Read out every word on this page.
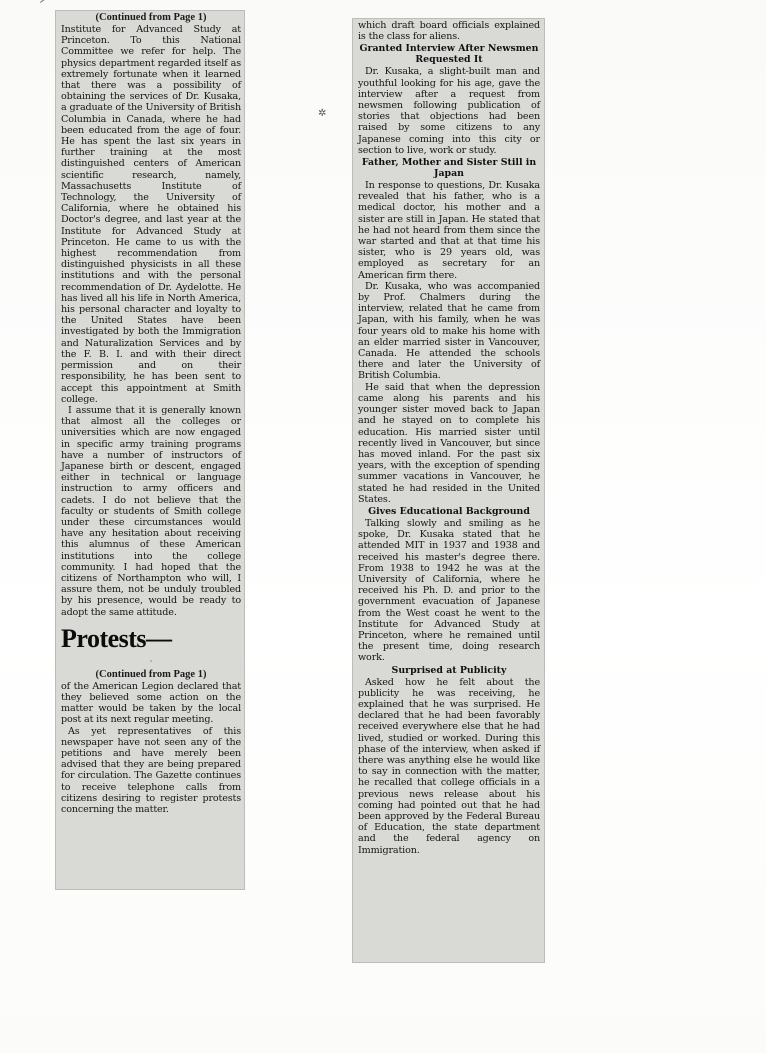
✲

(Continued from Page 1)

Institute for Advanced Study at Princeton. To this National Committee we refer for help. The physics department regarded itself as extremely fortunate when it learned that there was a possibility of obtaining the services of Dr. Kusaka, a graduate of the University of British Columbia in Canada, where he had been educated from the age of four. He has spent the last six years in further training at the most distinguished centers of American scientific research, namely, Massachusetts Institute of Technology, the University of California, where he obtained his Doctor's degree, and last year at the Institute for Advanced Study at Princeton. He came to us with the highest recommendation from distinguished physicists in all these institutions and with the personal recommendation of Dr. Aydelotte. He has lived all his life in North America, his personal character and loyalty to the United States have been investigated by both the Immigration and Naturalization Services and by the F. B. I. and with their direct permission and on their responsibility, he has been sent to accept this appointment at Smith college.

I assume that it is generally known that almost all the colleges or universities which are now engaged in specific army training programs have a number of instructors of Japanese birth or descent, engaged either in technical or language instruction to army officers and cadets. I do not believe that the faculty or students of Smith college under these circumstances would have any hesitation about receiving this alumnus of these American institutions into the college community. I had hoped that the citizens of Northampton who will, I assure them, not be unduly troubled by his presence, would be ready to adopt the same attitude.

Protests—
·

(Continued from Page 1)

of the American Legion declared that they believed some action on the matter would be taken by the local post at its next regular meeting.

As yet representatives of this newspaper have not seen any of the petitions and have merely been advised that they are being prepared for circulation. The Gazette continues to receive telephone calls from citizens desiring to register protests concerning the matter.

which draft board officials explained is the class for aliens.

Granted Interview After Newsmen Requested It

Dr. Kusaka, a slight-built man and youthful looking for his age, gave the interview after a request from newsmen following publication of stories that objections had been raised by some citizens to any Japanese coming into this city or section to live, work or study.

Father, Mother and Sister Still in Japan

In response to questions, Dr. Kusaka revealed that his father, who is a medical doctor, his mother and a sister are still in Japan. He stated that he had not heard from them since the war started and that at that time his sister, who is 29 years old, was employed as secretary for an American firm there.

Dr. Kusaka, who was accompanied by Prof. Chalmers during the interview, related that he came from Japan, with his family, when he was four years old to make his home with an elder married sister in Vancouver, Canada. He attended the schools there and later the University of British Columbia.

He said that when the depression came along his parents and his younger sister moved back to Japan and he stayed on to complete his education. His married sister until recently lived in Vancouver, but since has moved inland. For the past six years, with the exception of spending summer vacations in Vancouver, he stated he had resided in the United States.

Gives Educational Background

Talking slowly and smiling as he spoke, Dr. Kusaka stated that he attended MIT in 1937 and 1938 and received his master's degree there. From 1938 to 1942 he was at the University of California, where he received his Ph. D. and prior to the government evacuation of Japanese from the West coast he went to the Institute for Advanced Study at Princeton, where he remained until the present time, doing research work.

Surprised at Publicity

Asked how he felt about the publicity he was receiving, he explained that he was surprised. He declared that he had been favorably received everywhere else that he had lived, studied or worked. During this phase of the interview, when asked if there was anything else he would like to say in connection with the matter, he recalled that college officials in a previous news release about his coming had pointed out that he had been approved by the Federal Bureau of Education, the state department and the federal agency on Immigration.
